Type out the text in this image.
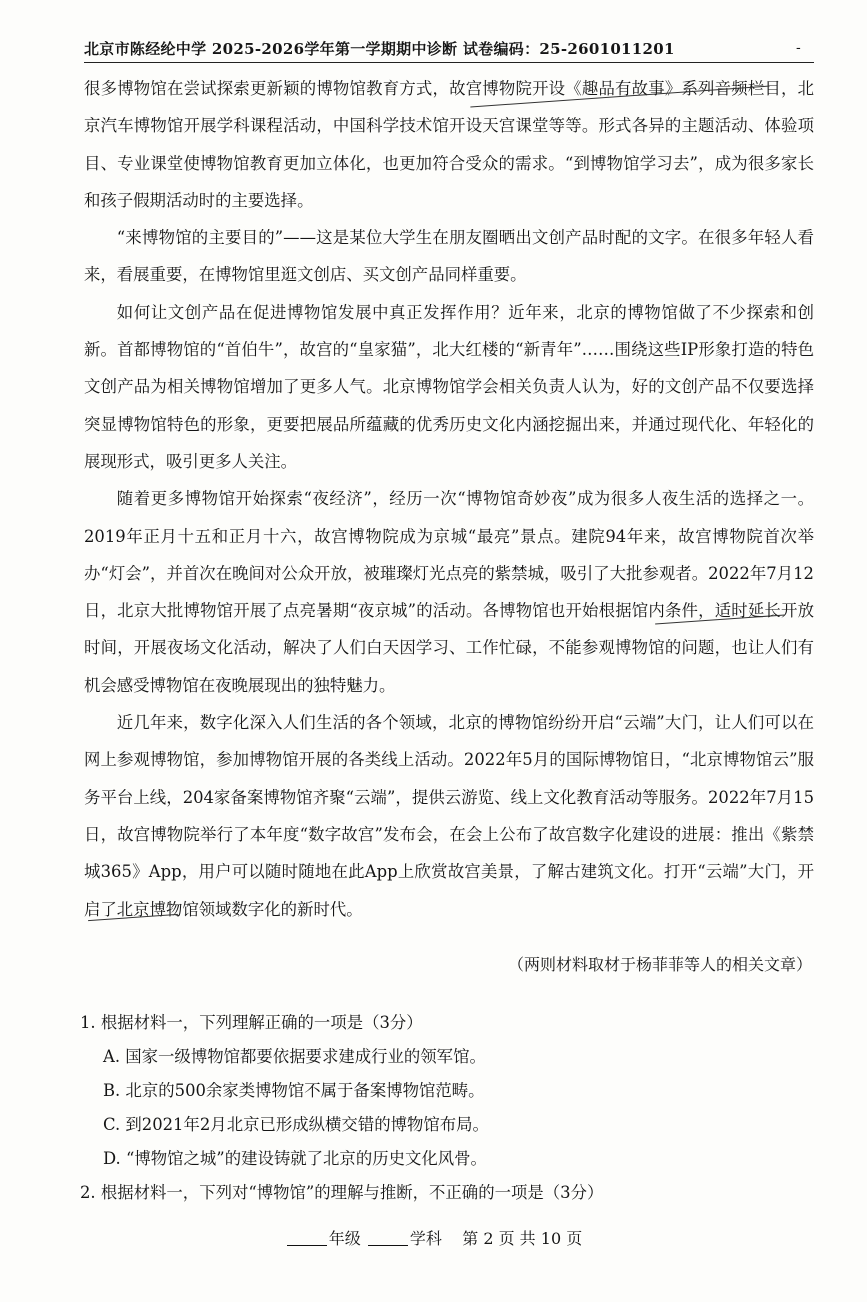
北京市陈经纶中学 2025-2026学年第一学期期中诊断 试卷编码：25-2601011201	-

很多博物馆在尝试探索更新颖的博物馆教育方式，故宫博物院开设《趣品有故事》系列音频栏目，北京汽车博物馆开展学科课程活动，中国科学技术馆开设天宫课堂等等。形式各异的主题活动、体验项目、专业课堂使博物馆教育更加立体化，也更加符合受众的需求。“到博物馆学习去”，成为很多家长和孩子假期活动时的主要选择。

“来博物馆的主要目的”——这是某位大学生在朋友圈晒出文创产品时配的文字。在很多年轻人看来，看展重要，在博物馆里逛文创店、买文创产品同样重要。

如何让文创产品在促进博物馆发展中真正发挥作用？近年来，北京的博物馆做了不少探索和创新。首都博物馆的“首伯牛”，故宫的“皇家猫”，北大红楼的“新青年”……围绕这些IP形象打造的特色文创产品为相关博物馆增加了更多人气。北京博物馆学会相关负责人认为，好的文创产品不仅要选择突显博物馆特色的形象，更要把展品所蕴藏的优秀历史文化内涵挖掘出来，并通过现代化、年轻化的展现形式，吸引更多人关注。

随着更多博物馆开始探索“夜经济”，经历一次“博物馆奇妙夜”成为很多人夜生活的选择之一。2019年正月十五和正月十六，故宫博物院成为京城“最亮”景点。建院94年来，故宫博物院首次举办“灯会”，并首次在晚间对公众开放，被璀璨灯光点亮的紫禁城，吸引了大批参观者。2022年7月12日，北京大批博物馆开展了点亮暑期“夜京城”的活动。各博物馆也开始根据馆内条件，适时延长开放时间，开展夜场文化活动，解决了人们白天因学习、工作忙碌，不能参观博物馆的问题，也让人们有机会感受博物馆在夜晚展现出的独特魅力。

近几年来，数字化深入人们生活的各个领域，北京的博物馆纷纷开启“云端”大门，让人们可以在网上参观博物馆，参加博物馆开展的各类线上活动。2022年5月的国际博物馆日，“北京博物馆云”服务平台上线，204家备案博物馆齐聚“云端”，提供云游览、线上文化教育活动等服务。2022年7月15日，故宫博物院举行了本年度“数字故宫”发布会，在会上公布了故宫数字化建设的进展：推出《紫禁城365》App，用户可以随时随地在此App上欣赏故宫美景，了解古建筑文化。打开“云端”大门，开启了北京博物馆领域数字化的新时代。

（两则材料取材于杨菲菲等人的相关文章）

1. 根据材料一，下列理解正确的一项是（3分）

A. 国家一级博物馆都要依据要求建成行业的领军馆。

B. 北京的500余家类博物馆不属于备案博物馆范畴。

C. 到2021年2月北京已形成纵横交错的博物馆布局。

D. “博物馆之城”的建设铸就了北京的历史文化风骨。

2. 根据材料一，下列对“博物馆”的理解与推断，不正确的一项是（3分）

年级	学科 第 2 页 共 10 页
